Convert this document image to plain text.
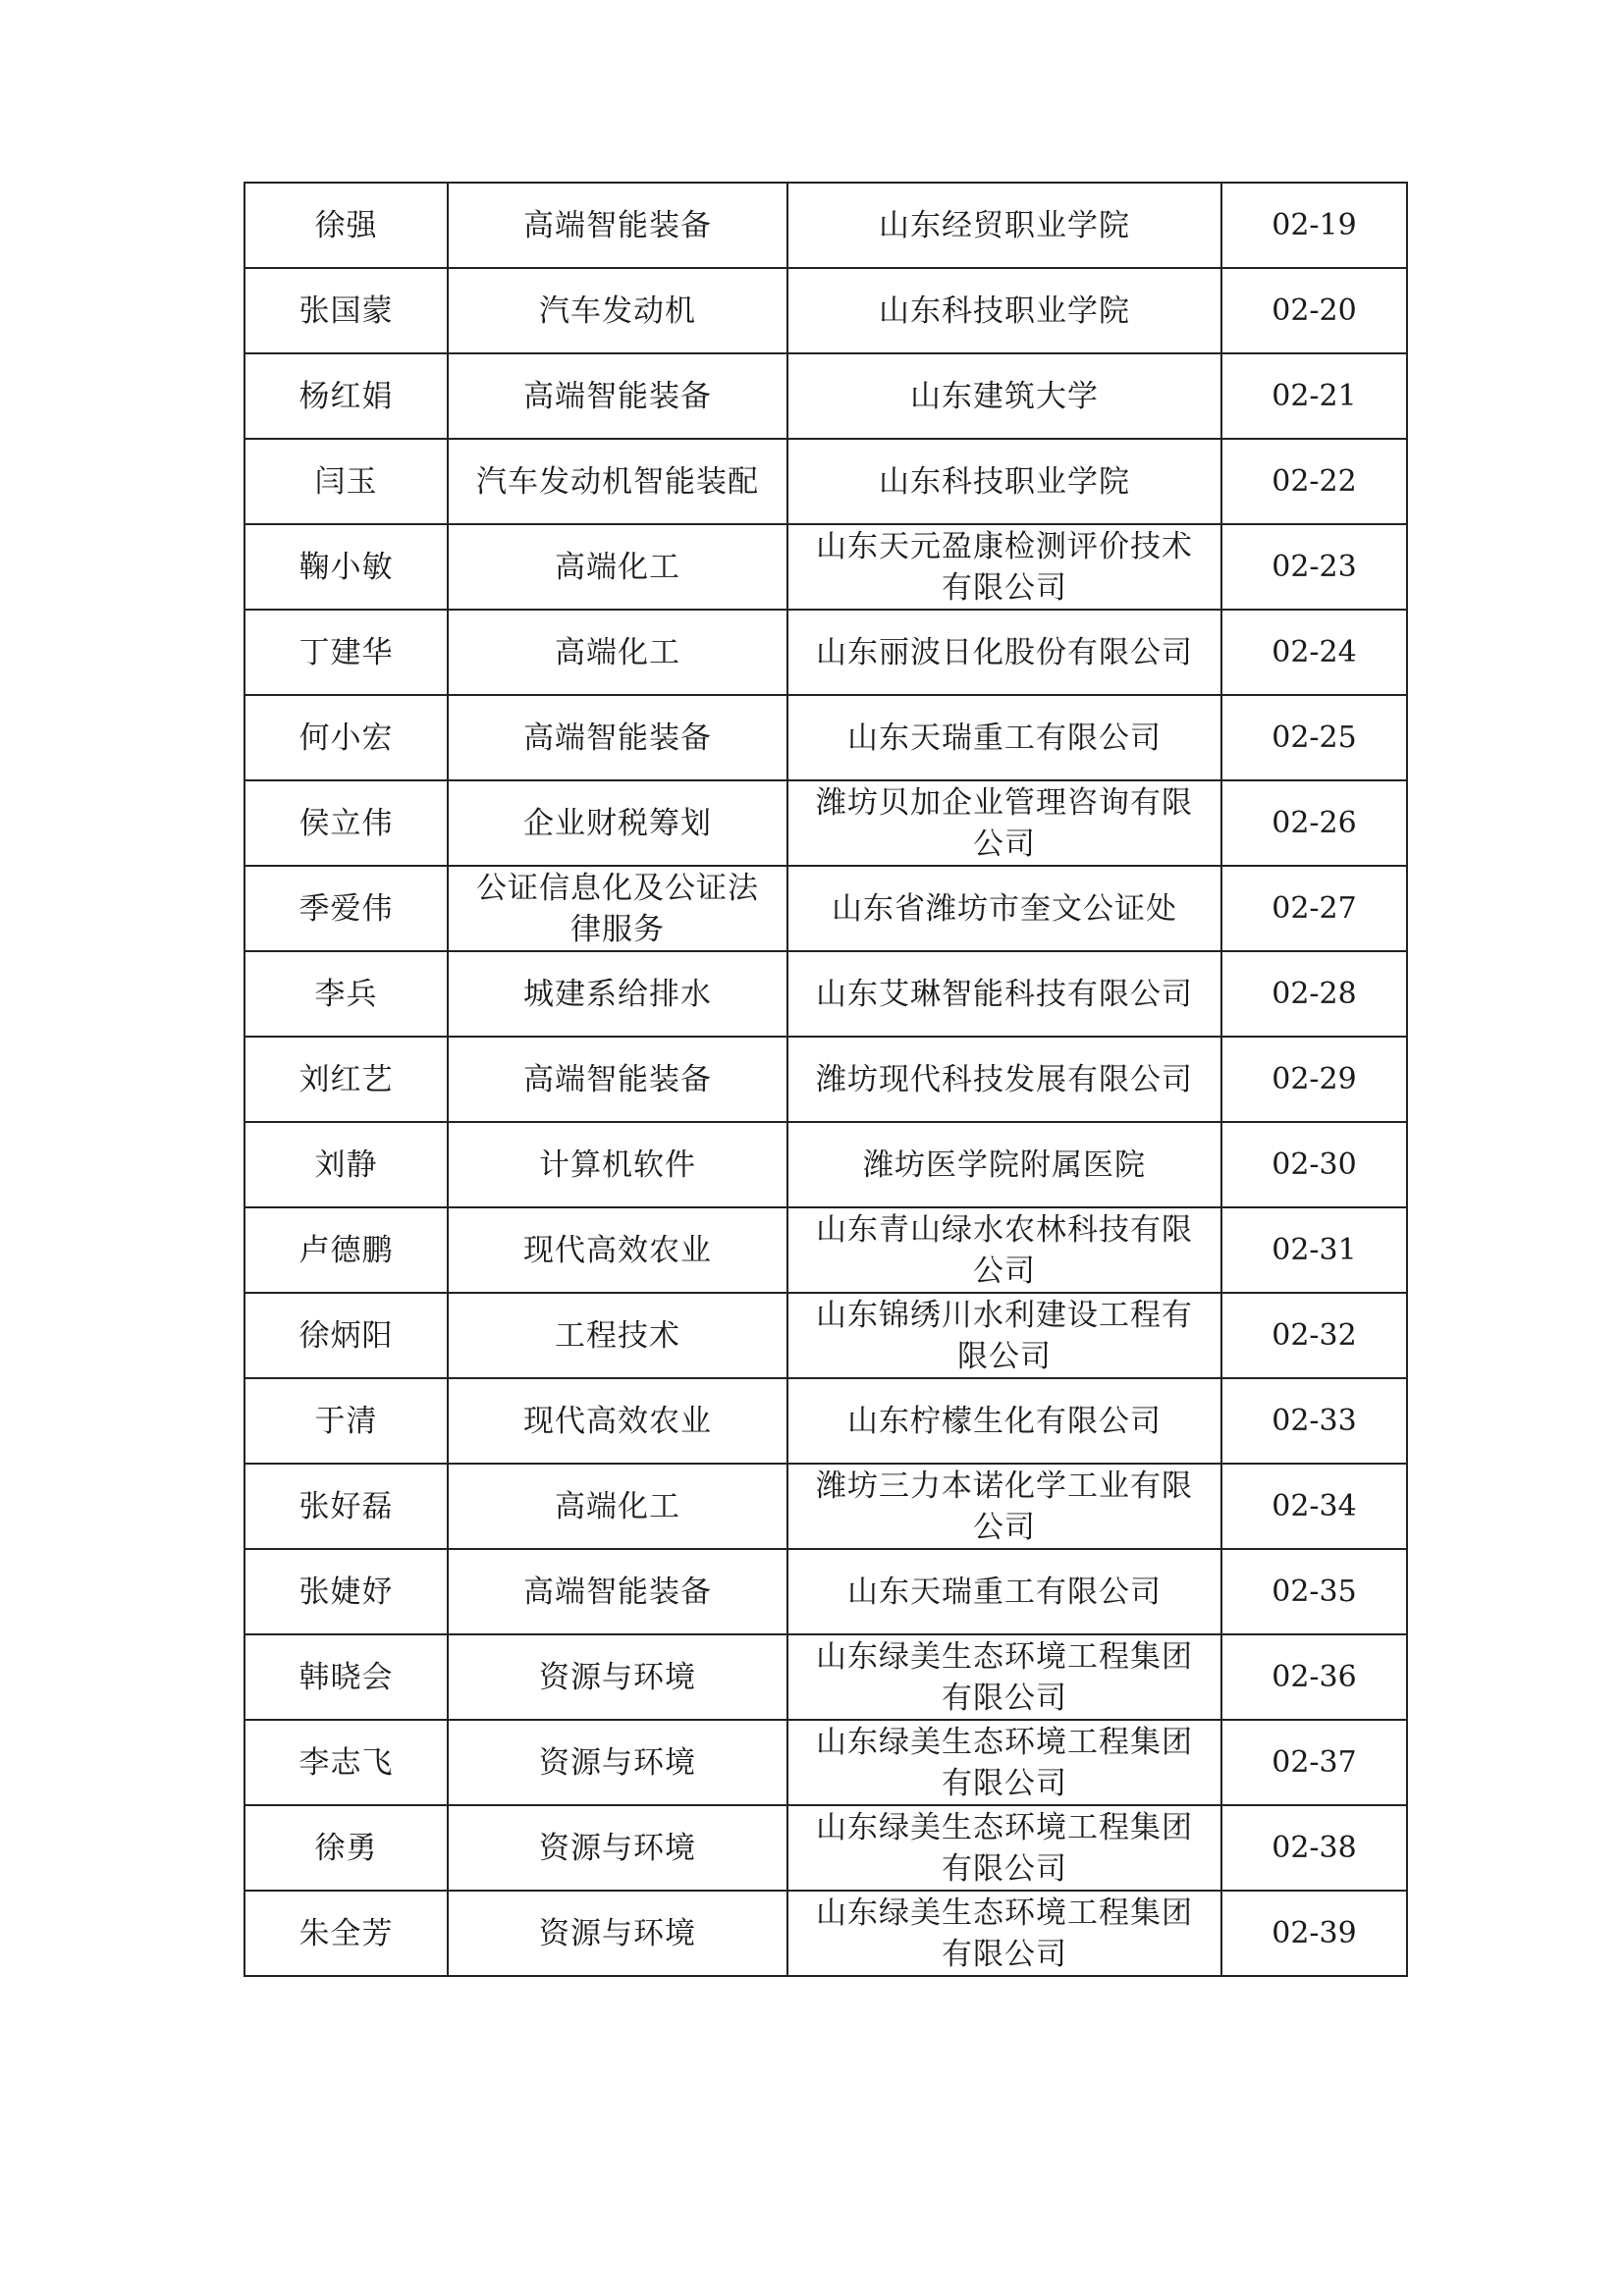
徐强	高端智能装备	山东经贸职业学院	02-19
张国蒙	汽车发动机	山东科技职业学院	02-20
杨红娟	高端智能装备	山东建筑大学	02-21
闫玉	汽车发动机智能装配	山东科技职业学院	02-22
鞠小敏	高端化工	山东天元盈康检测评价技术有限公司	02-23
丁建华	高端化工	山东丽波日化股份有限公司	02-24
何小宏	高端智能装备	山东天瑞重工有限公司	02-25
侯立伟	企业财税筹划	潍坊贝加企业管理咨询有限公司	02-26
季爱伟	公证信息化及公证法律服务	山东省潍坊市奎文公证处	02-27
李兵	城建系给排水	山东艾琳智能科技有限公司	02-28
刘红艺	高端智能装备	潍坊现代科技发展有限公司	02-29
刘静	计算机软件	潍坊医学院附属医院	02-30
卢德鹏	现代高效农业	山东青山绿水农林科技有限公司	02-31
徐炳阳	工程技术	山东锦绣川水利建设工程有限公司	02-32
于清	现代高效农业	山东柠檬生化有限公司	02-33
张好磊	高端化工	潍坊三力本诺化学工业有限公司	02-34
张婕妤	高端智能装备	山东天瑞重工有限公司	02-35
韩晓会	资源与环境	山东绿美生态环境工程集团有限公司	02-36
李志飞	资源与环境	山东绿美生态环境工程集团有限公司	02-37
徐勇	资源与环境	山东绿美生态环境工程集团有限公司	02-38
朱全芳	资源与环境	山东绿美生态环境工程集团有限公司	02-39
